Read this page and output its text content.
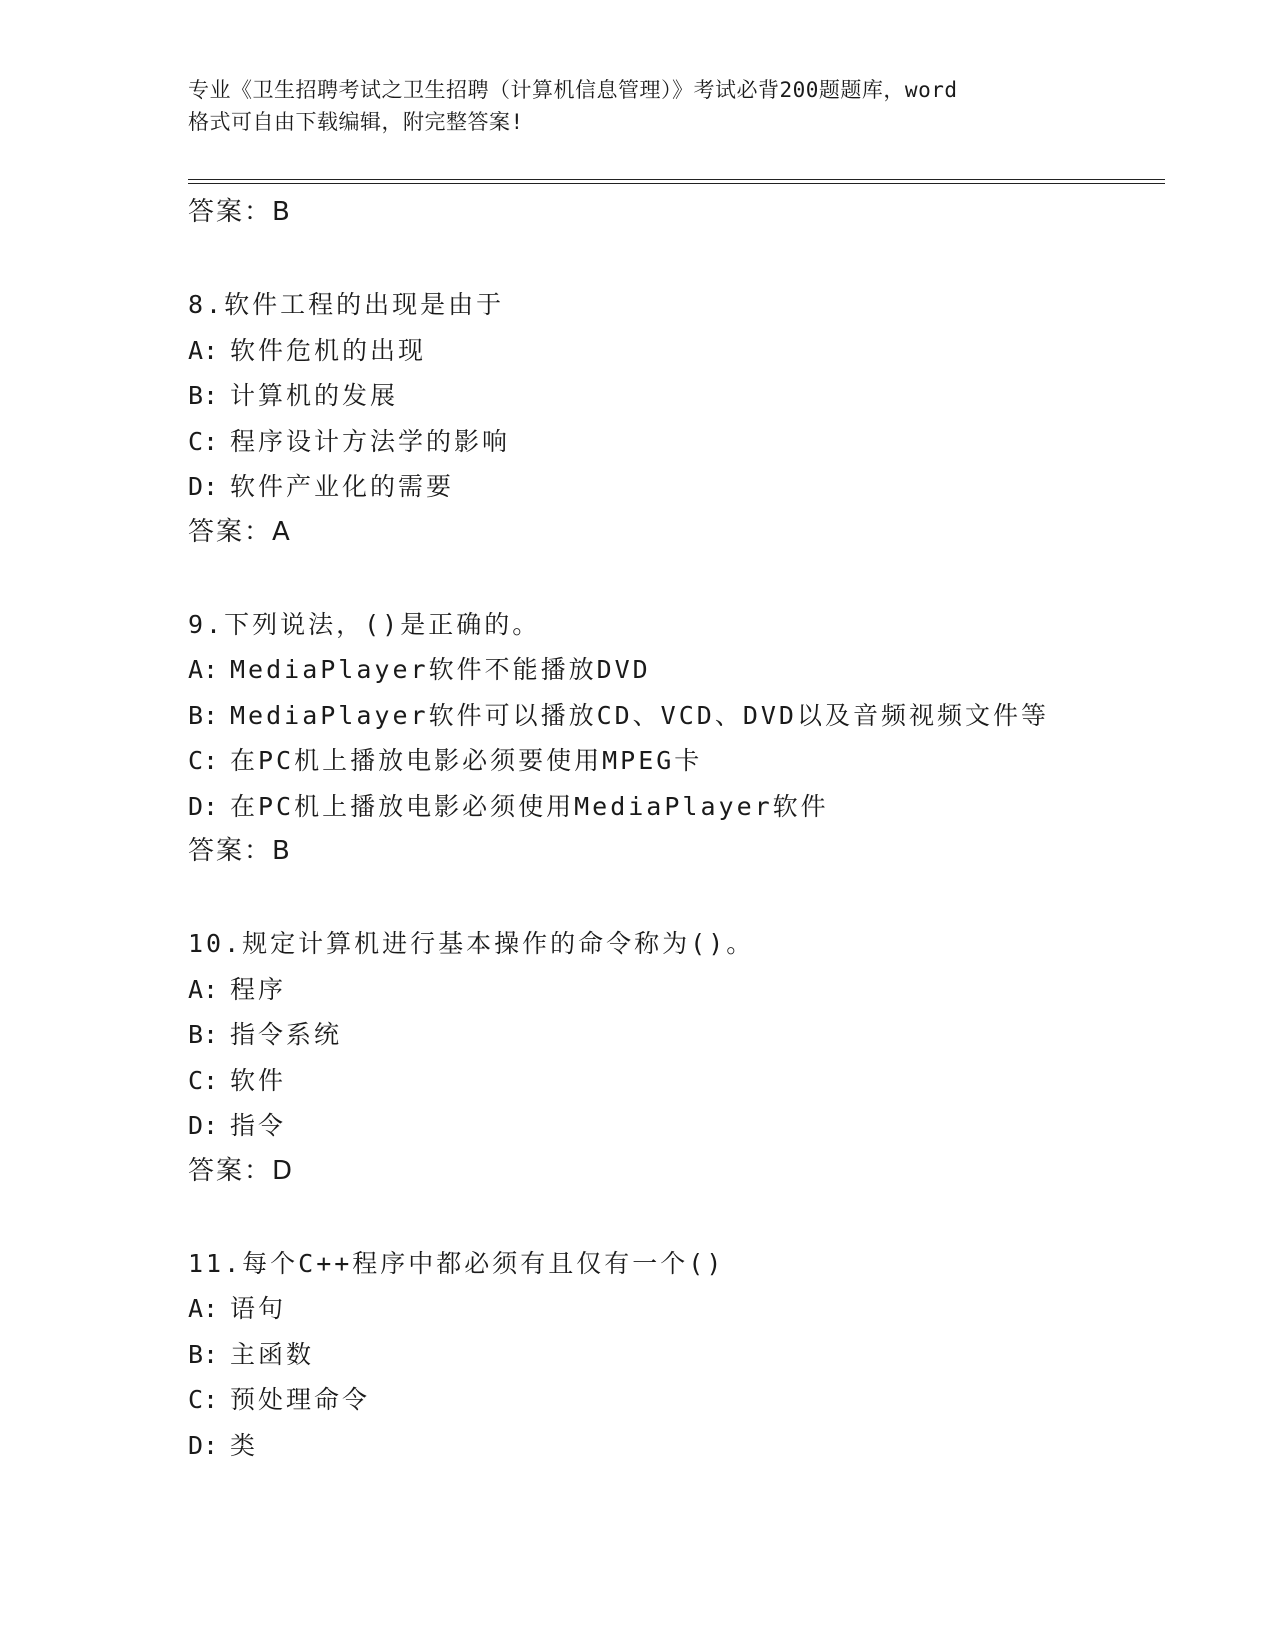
专业《卫生招聘考试之卫生招聘（计算机信息管理）》考试必背200题题库，word
格式可自由下载编辑，附完整答案!
答案：B
8.软件工程的出现是由于
A: 软件危机的出现
B: 计算机的发展
C: 程序设计方法学的影响
D: 软件产业化的需要
答案：A
9.下列说法，()是正确的。
A: MediaPlayer软件不能播放DVD
B: MediaPlayer软件可以播放CD、VCD、DVD以及音频视频文件等
C: 在PC机上播放电影必须要使用MPEG卡
D: 在PC机上播放电影必须使用MediaPlayer软件
答案：B
10.规定计算机进行基本操作的命令称为()。
A: 程序
B: 指令系统
C: 软件
D: 指令
答案：D
11.每个C++程序中都必须有且仅有一个()
A: 语句
B: 主函数
C: 预处理命令
D: 类
